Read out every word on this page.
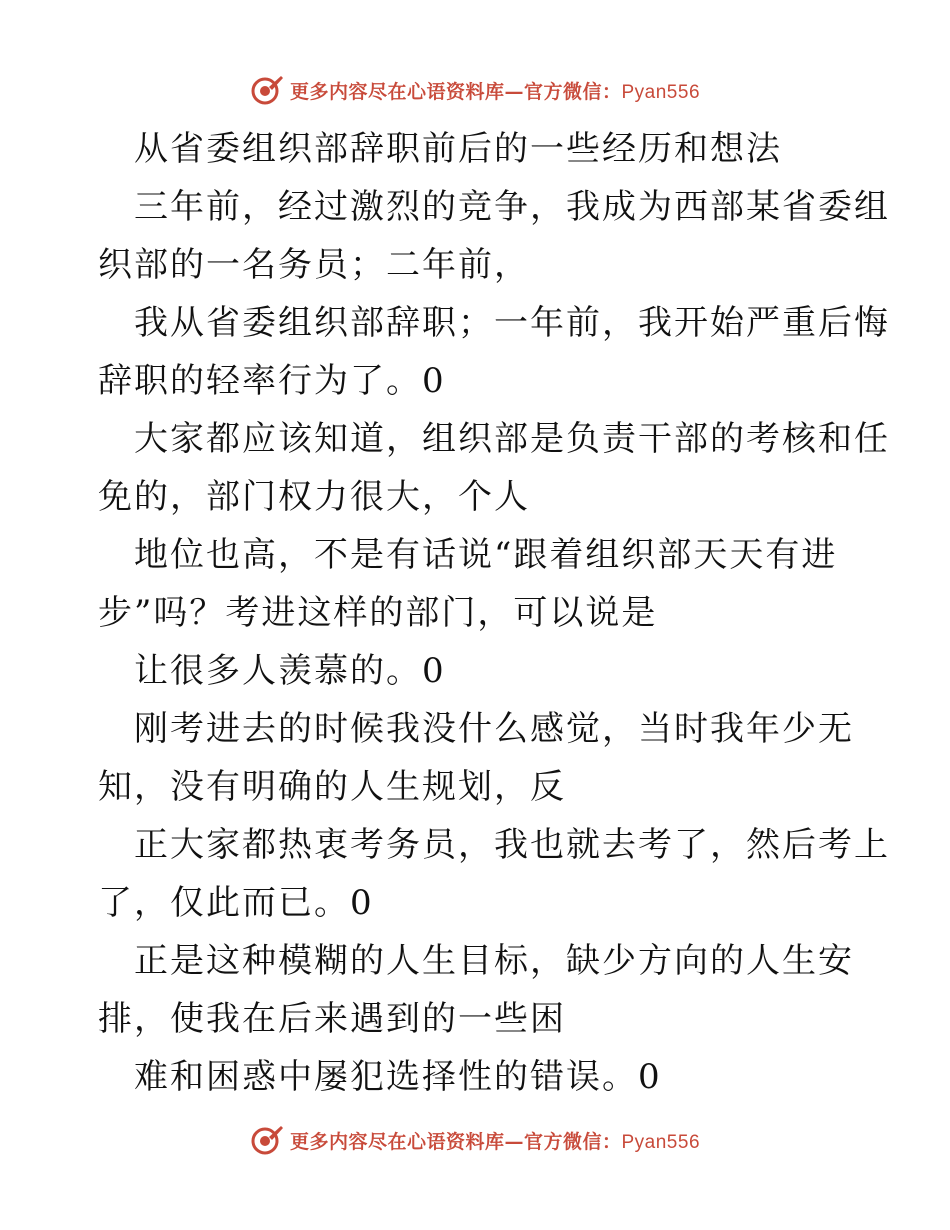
更多内容尽在心语资料库—官方微信：Pyan556
从省委组织部辞职前后的一些经历和想法
三年前，经过激烈的竞争，我成为西部某省委组
织部的一名务员；二年前，
我从省委组织部辞职；一年前，我开始严重后悔
辞职的轻率行为了。0
大家都应该知道，组织部是负责干部的考核和任
免的，部门权力很大，个人
地位也高，不是有话说“跟着组织部天天有进
步”吗？考进这样的部门，可以说是
让很多人羡慕的。0
刚考进去的时候我没什么感觉，当时我年少无
知，没有明确的人生规划，反
正大家都热衷考务员，我也就去考了，然后考上
了，仅此而已。0
正是这种模糊的人生目标，缺少方向的人生安
排，使我在后来遇到的一些困
难和困惑中屡犯选择性的错误。0
更多内容尽在心语资料库—官方微信：Pyan556
